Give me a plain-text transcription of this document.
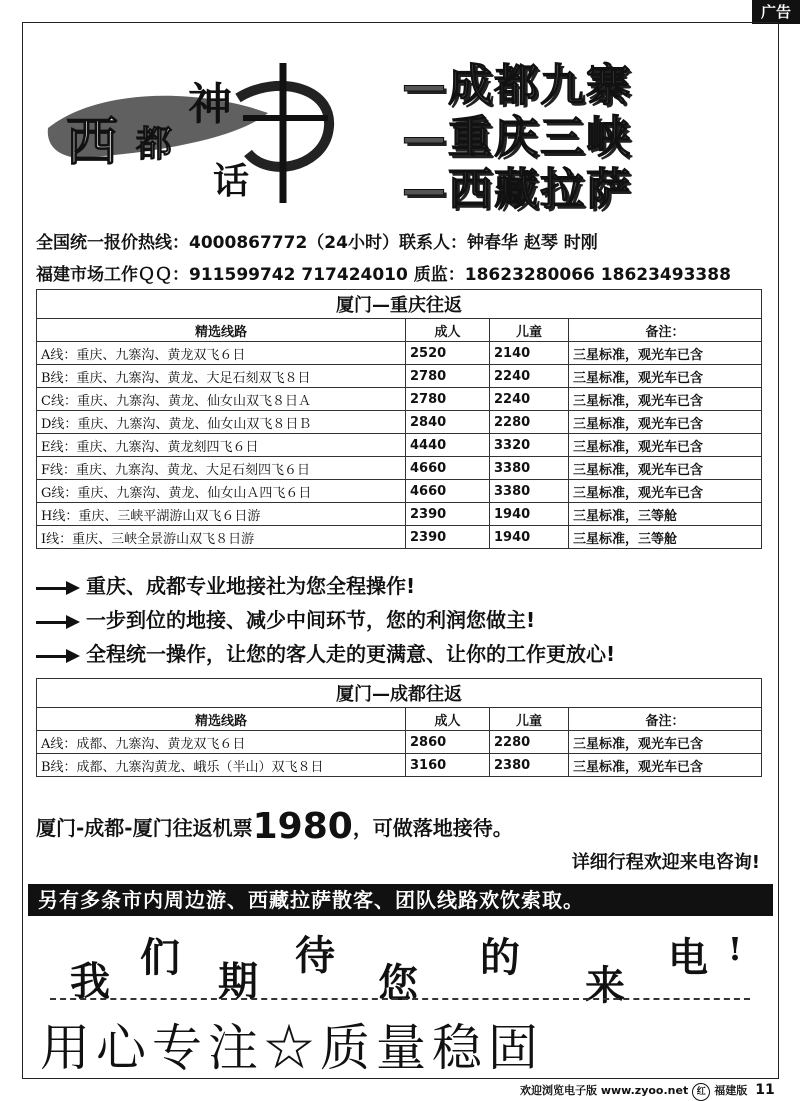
广告
西 都
话
神	—成都九寨
—重庆三峡
—西藏拉萨
全国统一报价热线：4000867772（24小时）联系人：钟春华 赵琴 时刚
福建市场工作ＱＱ：911599742 717424010 质监：18623280066 18623493388
厦门—重庆往返			
精选线路	成人	儿童	备注：
A线：重庆、九寨沟、黄龙双飞６日	2520	2140	三星标准，观光车已含
B线：重庆、九寨沟、黄龙、大足石刻双飞８日	2780	2240	三星标准，观光车已含
C线：重庆、九寨沟、黄龙、仙女山双飞８日Ａ	2780	2240	三星标准，观光车已含
D线：重庆、九寨沟、黄龙、仙女山双飞８日Ｂ	2840	2280	三星标准，观光车已含
E线：重庆、九寨沟、黄龙刻四飞６日	4440	3320	三星标准，观光车已含
F线：重庆、九寨沟、黄龙、大足石刻四飞６日	4660	3380	三星标准，观光车已含
G线：重庆、九寨沟、黄龙、仙女山Ａ四飞６日	4660	3380	三星标准，观光车已含
H线：重庆、三峡平湖游山双飞６日游	2390	1940	三星标准，三等舱
I线：重庆、三峡全景游山双飞８日游	2390	1940	三星标准，三等舱
重庆、成都专业地接社为您全程操作!
一步到位的地接、减少中间环节，您的利润您做主!
全程统一操作，让您的客人走的更满意、让你的工作更放心!
厦门—成都往返			
精选线路	成人	儿童	备注：
A线：成都、九寨沟、黄龙双飞６日	2860	2280	三星标准，观光车已含
B线：成都、九寨沟黄龙、峨乐（半山）双飞８日	3160	2380	三星标准，观光车已含
厦门-成都-厦门往返机票1980，可做落地接待。
详细行程欢迎来电咨询!
另有多条市内周边游、西藏拉萨散客、团队线路欢饮索取。
我
们
期
待
您
的
来
电 !
用心专注☆质量稳固
欢迎浏览电子版 www.zyoo.net 红 福建版 11
